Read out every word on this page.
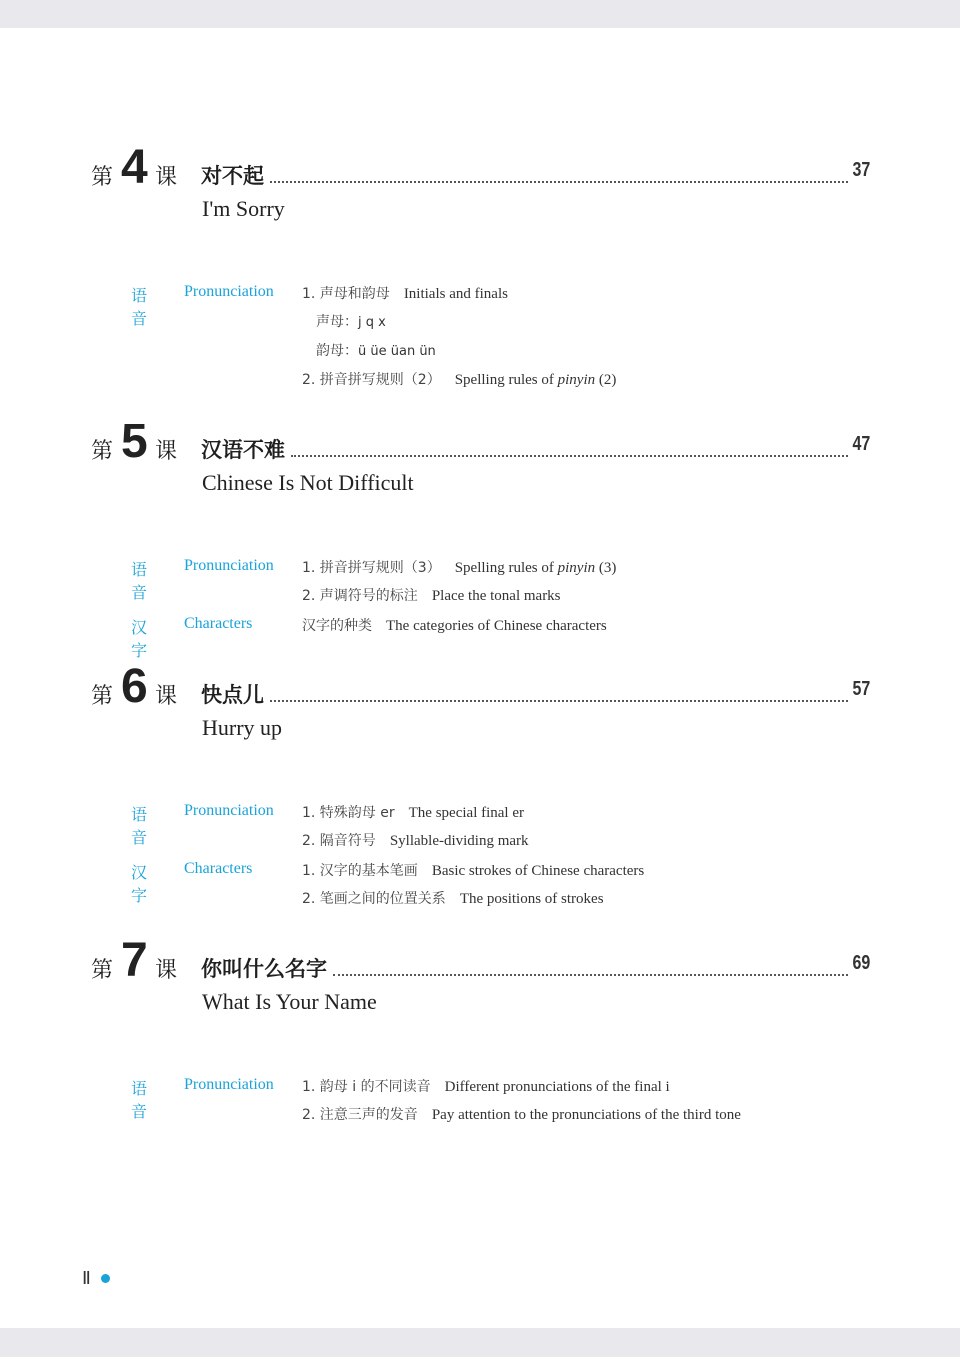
第 4 课 对不起	37
I'm Sorry
语音
Pronunciation 1. 声母和韵母 Initials and finals
声母：j q x
韵母：ü üe üan ün
2. 拼音拼写规则（2） Spelling rules of pinyin (2)
第 5 课 汉语不难	47
Chinese Is Not Difficult
语音
Pronunciation 1. 拼音拼写规则（3） Spelling rules of pinyin (3)
2. 声调符号的标注 Place the tonal marks
汉字
Characters	汉字的种类 The categories of Chinese characters
第 6 课 快点儿	57
Hurry up
语音
Pronunciation 1. 特殊韵母 er The special final er
2. 隔音符号 Syllable-dividing mark
汉字
Characters	1. 汉字的基本笔画 Basic strokes of Chinese characters
2. 笔画之间的位置关系 The positions of strokes
第 7 课 你叫什么名字	69
What Is Your Name
语音
Pronunciation 1. 韵母 i 的不同读音 Different pronunciations of the final i
2. 注意三声的发音 Pay attention to the pronunciations of the third tone
Ⅱ
